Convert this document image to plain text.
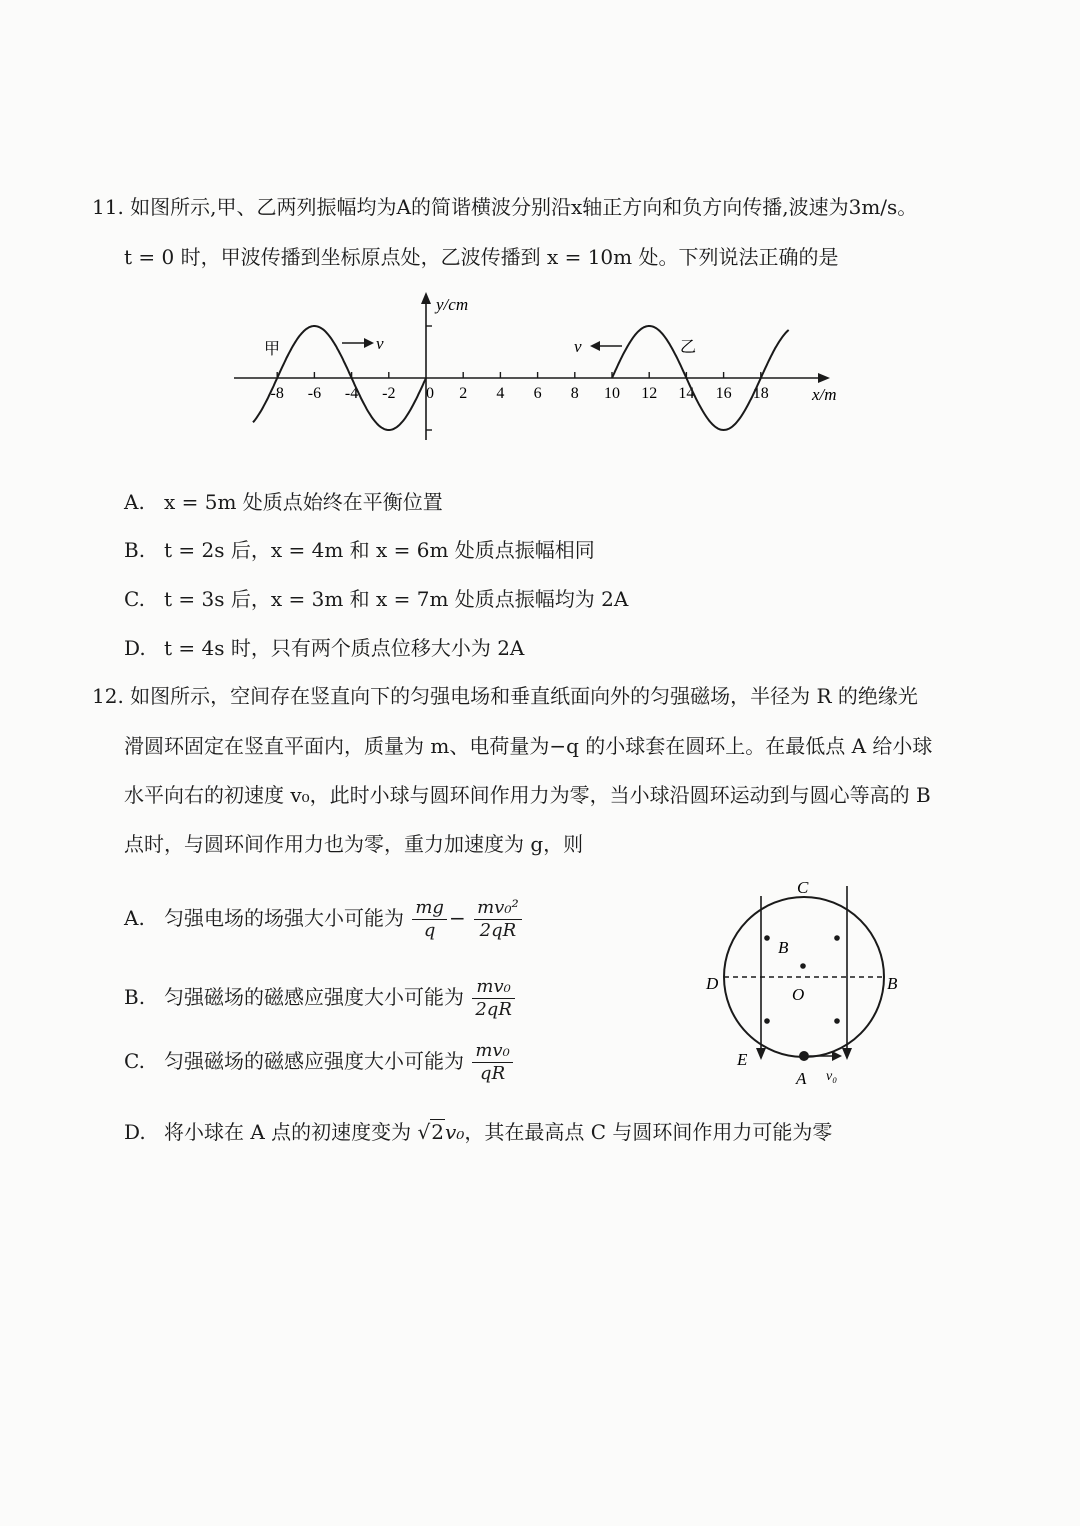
11. 如图所示,甲、乙两列振幅均为A的简谐横波分别沿x轴正方向和负方向传播,波速为3m/s。
t = 0 时，甲波传播到坐标原点处，乙波传播到 x = 10m 处。下列说法正确的是
-8 -6 -4 -2 0 2 4 6 8 10 12 14 16 18
y/cm
x/m
甲	乙
v	v
A. x = 5m 处质点始终在平衡位置
B. t = 2s 后，x = 4m 和 x = 6m 处质点振幅相同
C. t = 3s 后，x = 3m 和 x = 7m 处质点振幅均为 2A
D. t = 4s 时，只有两个质点位移大小为 2A
12. 如图所示，空间存在竖直向下的匀强电场和垂直纸面向外的匀强磁场，半径为 R 的绝缘光
滑圆环固定在竖直平面内，质量为 m、电荷量为−q 的小球套在圆环上。在最低点 A 给小球
水平向右的初速度 v₀，此时小球与圆环间作用力为零，当小球沿圆环运动到与圆心等高的 B
点时，与圆环间作用力也为零，重力加速度为 g，则
A. 匀强电场的场强大小可能为 $\frac{mg}{q} - \frac{\text{mv₀²}}{2qR}$
B. 匀强磁场的磁感应强度大小可能为 $\frac{\text{mv₀}}{2qR}$
C. 匀强磁场的磁感应强度大小可能为 $\frac{\text{mv₀}}{qR}$
D. 将小球在 A 点的初速度变为 √2v₀，其在最高点 C 与圆环间作用力可能为零
C
B
D
O
B
E
A v₀
